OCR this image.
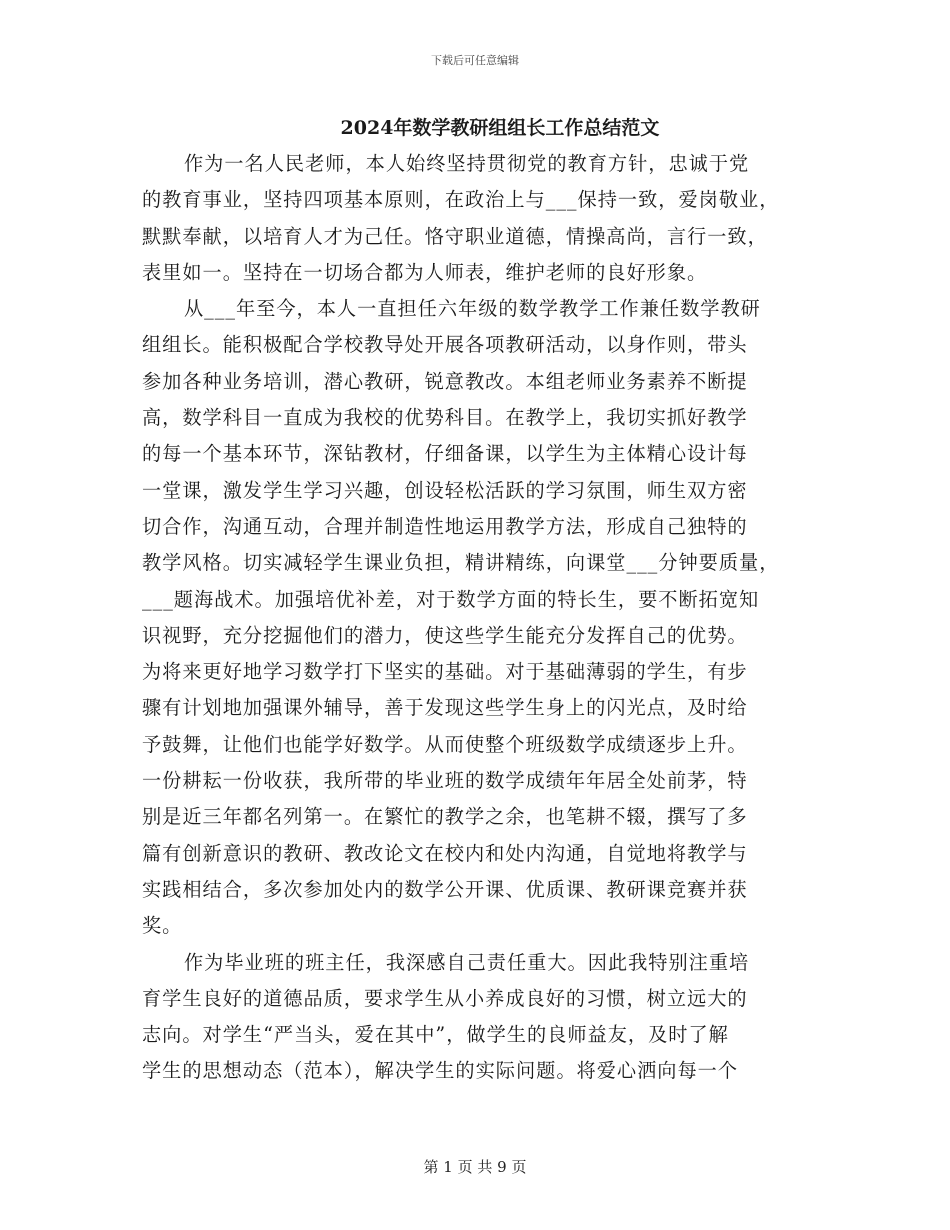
下载后可任意编辑
2024年数学教研组组长工作总结范文
作为一名人民老师，本人始终坚持贯彻党的教育方针，忠诚于党
的教育事业，坚持四项基本原则，在政治上与___保持一致，爱岗敬业，
默默奉献，以培育人才为己任。恪守职业道德，情操高尚，言行一致，
表里如一。坚持在一切场合都为人师表，维护老师的良好形象。
从___年至今，本人一直担任六年级的数学教学工作兼任数学教研
组组长。能积极配合学校教导处开展各项教研活动，以身作则，带头
参加各种业务培训，潜心教研，锐意教改。本组老师业务素养不断提
高，数学科目一直成为我校的优势科目。在教学上，我切实抓好教学
的每一个基本环节，深钻教材，仔细备课，以学生为主体精心设计每
一堂课，激发学生学习兴趣，创设轻松活跃的学习氛围，师生双方密
切合作，沟通互动，合理并制造性地运用教学方法，形成自己独特的
教学风格。切实减轻学生课业负担，精讲精练，向课堂___分钟要质量，
___题海战术。加强培优补差，对于数学方面的特长生，要不断拓宽知
识视野，充分挖掘他们的潜力，使这些学生能充分发挥自己的优势。
为将来更好地学习数学打下坚实的基础。对于基础薄弱的学生，有步
骤有计划地加强课外辅导，善于发现这些学生身上的闪光点，及时给
予鼓舞，让他们也能学好数学。从而使整个班级数学成绩逐步上升。
一份耕耘一份收获，我所带的毕业班的数学成绩年年居全处前茅，特
别是近三年都名列第一。在繁忙的教学之余，也笔耕不辍，撰写了多
篇有创新意识的教研、教改论文在校内和处内沟通，自觉地将教学与
实践相结合，多次参加处内的数学公开课、优质课、教研课竞赛并获
奖。
作为毕业班的班主任，我深感自己责任重大。因此我特别注重培
育学生良好的道德品质，要求学生从小养成良好的习惯，树立远大的
志向。对学生“严当头，爱在其中”，做学生的良师益友，及时了解
学生的思想动态（范本），解决学生的实际问题。将爱心洒向每一个
第 1 页 共 9 页
